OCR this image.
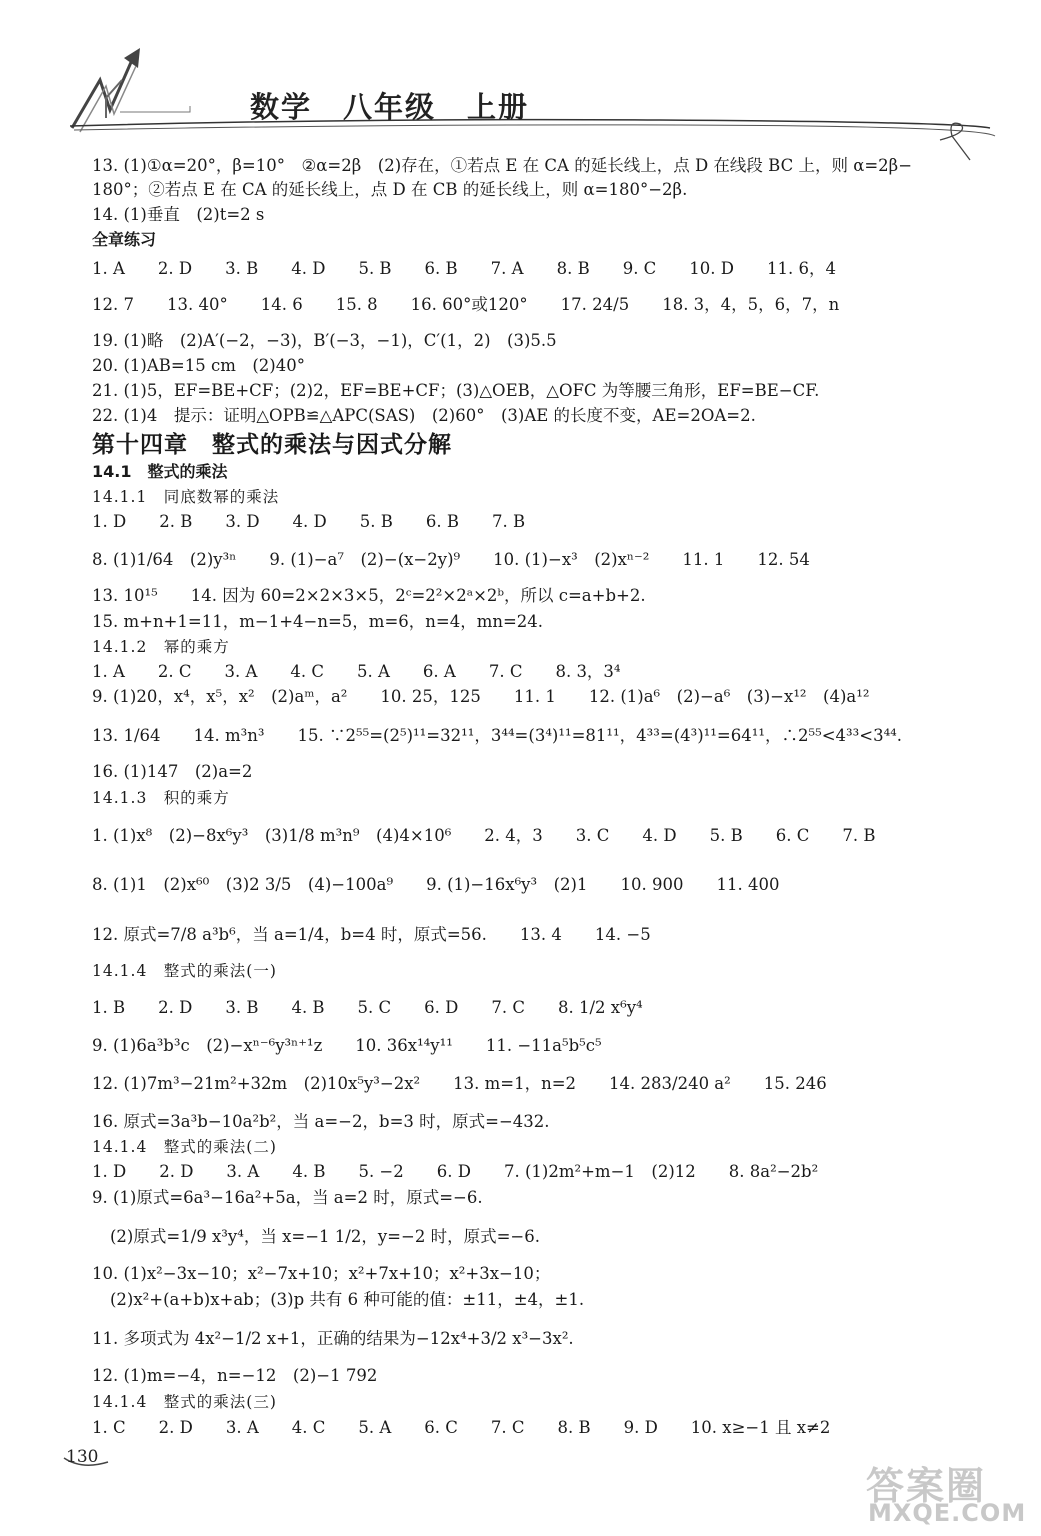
数学　八年级　上册
13. (1)①α=20°，β=10°　②α=2β　(2)存在，①若点 E 在 CA 的延长线上，点 D 在线段 BC 上，则 α=2β−
180°；②若点 E 在 CA 的延长线上，点 D 在 CB 的延长线上，则 α=180°−2β.
14. (1)垂直　(2)t=2 s
全章练习
1. A　　2. D　　3. B　　4. D　　5. B　　6. B　　7. A　　8. B　　9. C　　10. D　　11. 6，4
12. 7　　13. 40°　　14. 6　　15. 8　　16. 60°或120°　　17. 24/5　　18. 3，4，5，6，7，n
19. (1)略　(2)A′(−2，−3)，B′(−3，−1)，C′(1，2)　(3)5.5
20. (1)AB=15 cm　(2)40°
21. (1)5，EF=BE+CF；(2)2，EF=BE+CF；(3)△OEB，△OFC 为等腰三角形，EF=BE−CF.
22. (1)4　提示：证明△OPB≌△APC(SAS)　(2)60°　(3)AE 的长度不变，AE=2OA=2.
第十四章　整式的乘法与因式分解
14.1　整式的乘法
14.1.1　同底数幂的乘法
1. D　　2. B　　3. D　　4. D　　5. B　　6. B　　7. B
8. (1)1/64　(2)y³ⁿ　　9. (1)−a⁷　(2)−(x−2y)⁹　　10. (1)−x³　(2)xⁿ⁻²　　11. 1　　12. 54
13. 10¹⁵　　14. 因为 60=2×2×3×5，2ᶜ=2²×2ᵃ×2ᵇ，所以 c=a+b+2.
15. m+n+1=11，m−1+4−n=5，m=6，n=4，mn=24.
14.1.2　幂的乘方
1. A　　2. C　　3. A　　4. C　　5. A　　6. A　　7. C　　8. 3，3⁴
9. (1)20，x⁴，x⁵，x²　(2)aᵐ，a²　　10. 25，125　　11. 1　　12. (1)a⁶　(2)−a⁶　(3)−x¹²　(4)a¹²
13. 1/64　　14. m³n³　　15. ∵2⁵⁵=(2⁵)¹¹=32¹¹，3⁴⁴=(3⁴)¹¹=81¹¹，4³³=(4³)¹¹=64¹¹，∴2⁵⁵<4³³<3⁴⁴.
16. (1)147　(2)a=2
14.1.3　积的乘方
1. (1)x⁸　(2)−8x⁶y³　(3)1/8 m³n⁹　(4)4×10⁶　　2. 4，3　　3. C　　4. D　　5. B　　6. C　　7. B
8. (1)1　(2)x⁶⁰　(3)2 3/5　(4)−100a⁹　　9. (1)−16x⁶y³　(2)1　　10. 900　　11. 400
12. 原式=7/8 a³b⁶，当 a=1/4，b=4 时，原式=56.　　13. 4　　14. −5
14.1.4　整式的乘法(一)
1. B　　2. D　　3. B　　4. B　　5. C　　6. D　　7. C　　8. 1/2 x⁶y⁴
9. (1)6a³b³c　(2)−xⁿ⁻⁶y³ⁿ⁺¹z　　10. 36x¹⁴y¹¹　　11. −11a⁵b⁵c⁵
12. (1)7m³−21m²+32m　(2)10x⁵y³−2x²　　13. m=1，n=2　　14. 283/240 a²　　15. 246
16. 原式=3a³b−10a²b²，当 a=−2，b=3 时，原式=−432.
14.1.4　整式的乘法(二)
1. D　　2. D　　3. A　　4. B　　5. −2　　6. D　　7. (1)2m²+m−1　(2)12　　8. 8a²−2b²
9. (1)原式=6a³−16a²+5a，当 a=2 时，原式=−6.
(2)原式=1/9 x³y⁴，当 x=−1 1/2，y=−2 时，原式=−6.
10. (1)x²−3x−10；x²−7x+10；x²+7x+10；x²+3x−10；
(2)x²+(a+b)x+ab；(3)p 共有 6 种可能的值：±11，±4，±1.
11. 多项式为 4x²−1/2 x+1，正确的结果为−12x⁴+3/2 x³−3x².
12. (1)m=−4，n=−12　(2)−1 792
14.1.4　整式的乘法(三)
1. C　　2. D　　3. A　　4. C　　5. A　　6. C　　7. C　　8. B　　9. D　　10. x≥−1 且 x≠2
130
答案圈
MXQE.COM
